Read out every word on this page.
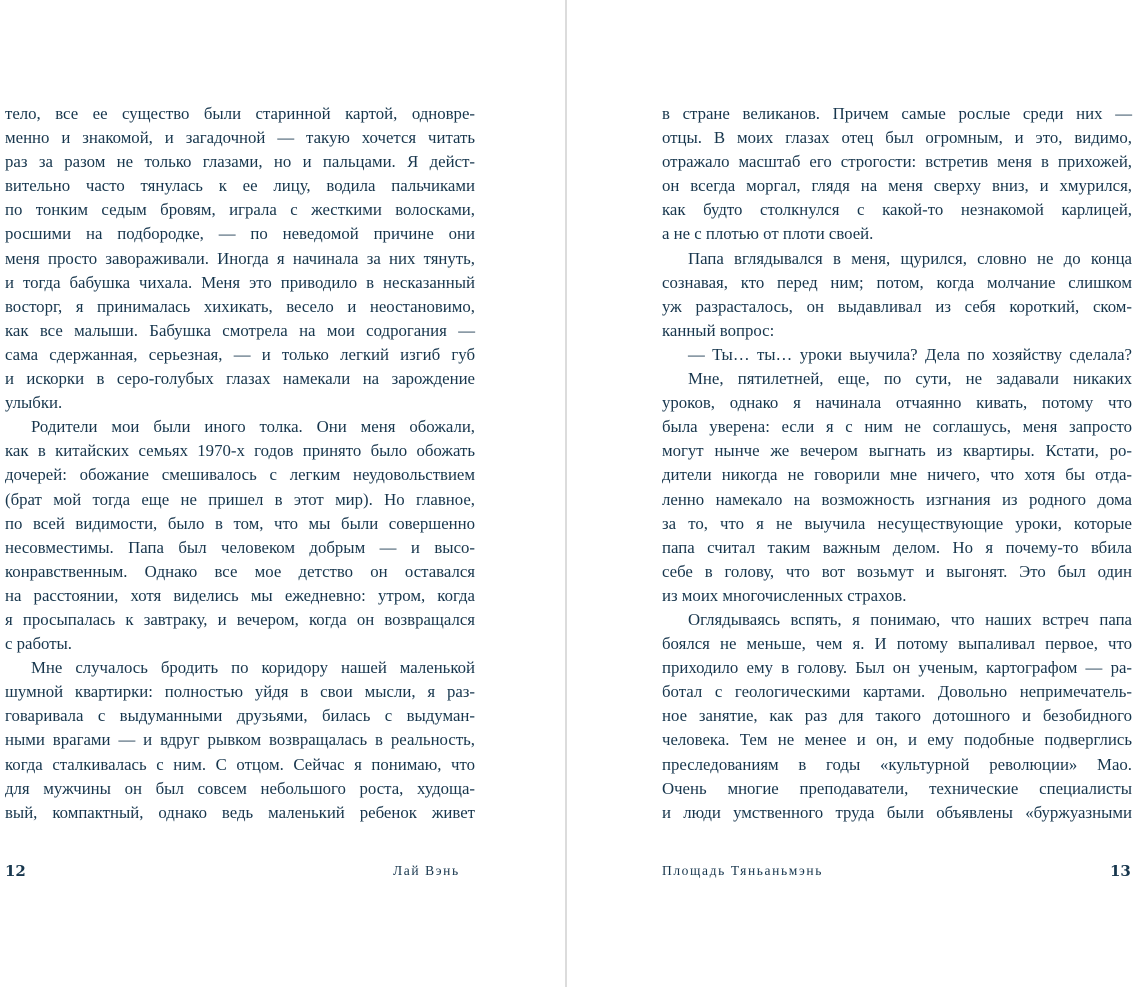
тело, все ее существо были старинной картой, одновре-
менно и знакомой, и загадочной — такую хочется читать
раз за разом не только глазами, но и пальцами. Я дейст-
вительно часто тянулась к ее лицу, водила пальчиками
по тонким седым бровям, играла с жесткими волосками,
росшими на подбородке, — по неведомой причине они
меня просто завораживали. Иногда я начинала за них тянуть,
и тогда бабушка чихала. Меня это приводило в несказанный
восторг, я принималась хихикать, весело и неостановимо,
как все малыши. Бабушка смотрела на мои содрогания —
сама сдержанная, серьезная, — и только легкий изгиб губ
и искорки в серо-голубых глазах намекали на зарождение
улыбки.
Родители мои были иного толка. Они меня обожали,
как в китайских семьях 1970-х годов принято было обожать
дочерей: обожание смешивалось с легким неудовольствием
(брат мой тогда еще не пришел в этот мир). Но главное,
по всей видимости, было в том, что мы были совершенно
несовместимы. Папа был человеком добрым — и высо-
конравственным. Однако все мое детство он оставался
на расстоянии, хотя виделись мы ежедневно: утром, когда
я просыпалась к завтраку, и вечером, когда он возвращался
с работы.
Мне случалось бродить по коридору нашей маленькой
шумной квартирки: полностью уйдя в свои мысли, я раз-
говаривала с выдуманными друзьями, билась с выдуман-
ными врагами — и вдруг рывком возвращалась в реальность,
когда сталкивалась с ним. С отцом. Сейчас я понимаю, что
для мужчины он был совсем небольшого роста, худощa-
вый, компактный, однако ведь маленький ребенок живет
12	Лай Вэнь
в стране великанов. Причем самые рослые среди них —
отцы. В моих глазах отец был огромным, и это, видимо,
отражало масштаб его строгости: встретив меня в прихожей,
он всегда моргал, глядя на меня сверху вниз, и хмурился,
как будто столкнулся с какой-то незнакомой карлицей,
а не с плотью от плоти своей.
Папа вглядывался в меня, щурился, словно не до конца
сознавая, кто перед ним; потом, когда молчание слишком
уж разрасталось, он выдавливал из себя короткий, ском-
канный вопрос:
— Ты… ты… уроки выучила? Дела по хозяйству сделала?
Мне, пятилетней, еще, по сути, не задавали никаких
уроков, однако я начинала отчаянно кивать, потому что
была уверена: если я с ним не соглашусь, меня запросто
могут нынче же вечером выгнать из квартиры. Кстати, ро-
дители никогда не говорили мне ничего, что хотя бы отда-
ленно намекало на возможность изгнания из родного дома
за то, что я не выучила несуществующие уроки, которые
папа считал таким важным делом. Но я почему-то вбила
себе в голову, что вот возьмут и выгонят. Это был один
из моих многочисленных страхов.
Оглядываясь вспять, я понимаю, что наших встреч папа
боялся не меньше, чем я. И потому выпаливал первое, что
приходило ему в голову. Был он ученым, картографом — ра-
ботал с геологическими картами. Довольно непримечатель-
ное занятие, как раз для такого дотошного и безобидного
человека. Тем не менее и он, и ему подобные подверглись
преследованиям в годы «культурной революции» Мао.
Очень многие преподаватели, технические специалисты
и люди умственного труда были объявлены «буржуазными
Площадь Тяньаньмэнь	13
